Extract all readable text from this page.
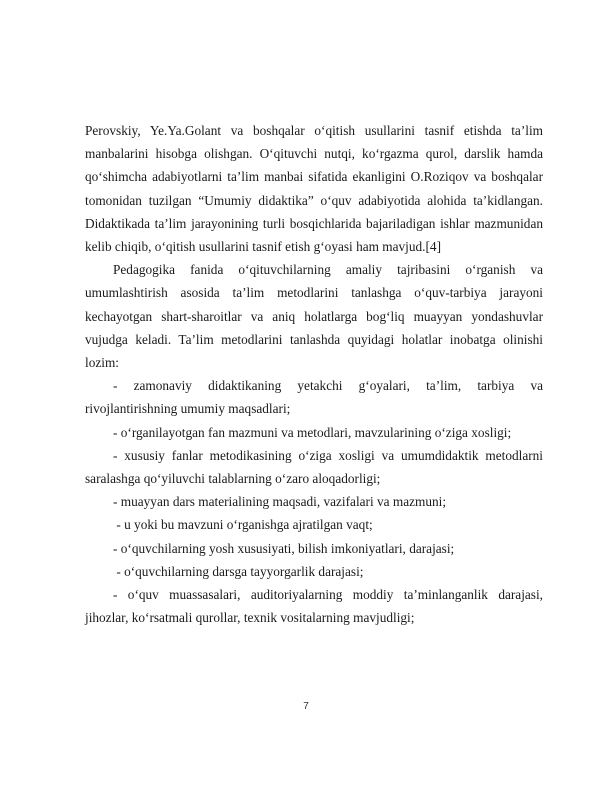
Perovskiy, Ye.Ya.Golant va boshqalar o‘qitish usullarini tasnif etishda ta’lim manbalarini hisobga olishgan. O‘qituvchi nutqi, ko‘rgazma qurol, darslik hamda qo‘shimcha adabiyotlarni ta’lim manbai sifatida ekanligini O.Roziqov va boshqalar tomonidan tuzilgan “Umumiy didaktika” o‘quv adabiyotida alohida ta’kidlangan. Didaktikada ta’lim jarayonining turli bosqichlarida bajariladigan ishlar mazmunidan kelib chiqib, o‘qitish usullarini tasnif etish g‘oyasi ham mavjud.[4]

Pedagogika fanida o‘qituvchilarning amaliy tajribasini o‘rganish va umumlashtirish asosida ta’lim metodlarini tanlashga o‘quv-tarbiya jarayoni kechayotgan shart-sharoitlar va aniq holatlarga bog‘liq muayyan yondashuvlar vujudga keladi. Ta’lim metodlarini tanlashda quyidagi holatlar inobatga olinishi lozim:

- zamonaviy didaktikaning yetakchi g‘oyalari, ta’lim, tarbiya va rivojlantirishning umumiy maqsadlari;

- o‘rganilayotgan fan mazmuni va metodlari, mavzularining o‘ziga xosligi;

- xususiy fanlar metodikasining o‘ziga xosligi va umumdidaktik metodlarni saralashga qo‘yiluvchi talablarning o‘zaro aloqadorligi;

- muayyan dars materialining maqsadi, vazifalari va mazmuni;

- u yoki bu mavzuni o‘rganishga ajratilgan vaqt;

- o‘quvchilarning yosh xususiyati, bilish imkoniyatlari, darajasi;

- o‘quvchilarning darsga tayyorgarlik darajasi;

- o‘quv muassasalari, auditoriyalarning moddiy ta’minlanganlik darajasi, jihozlar, ko‘rsatmali qurollar, texnik vositalarning mavjudligi;

7
